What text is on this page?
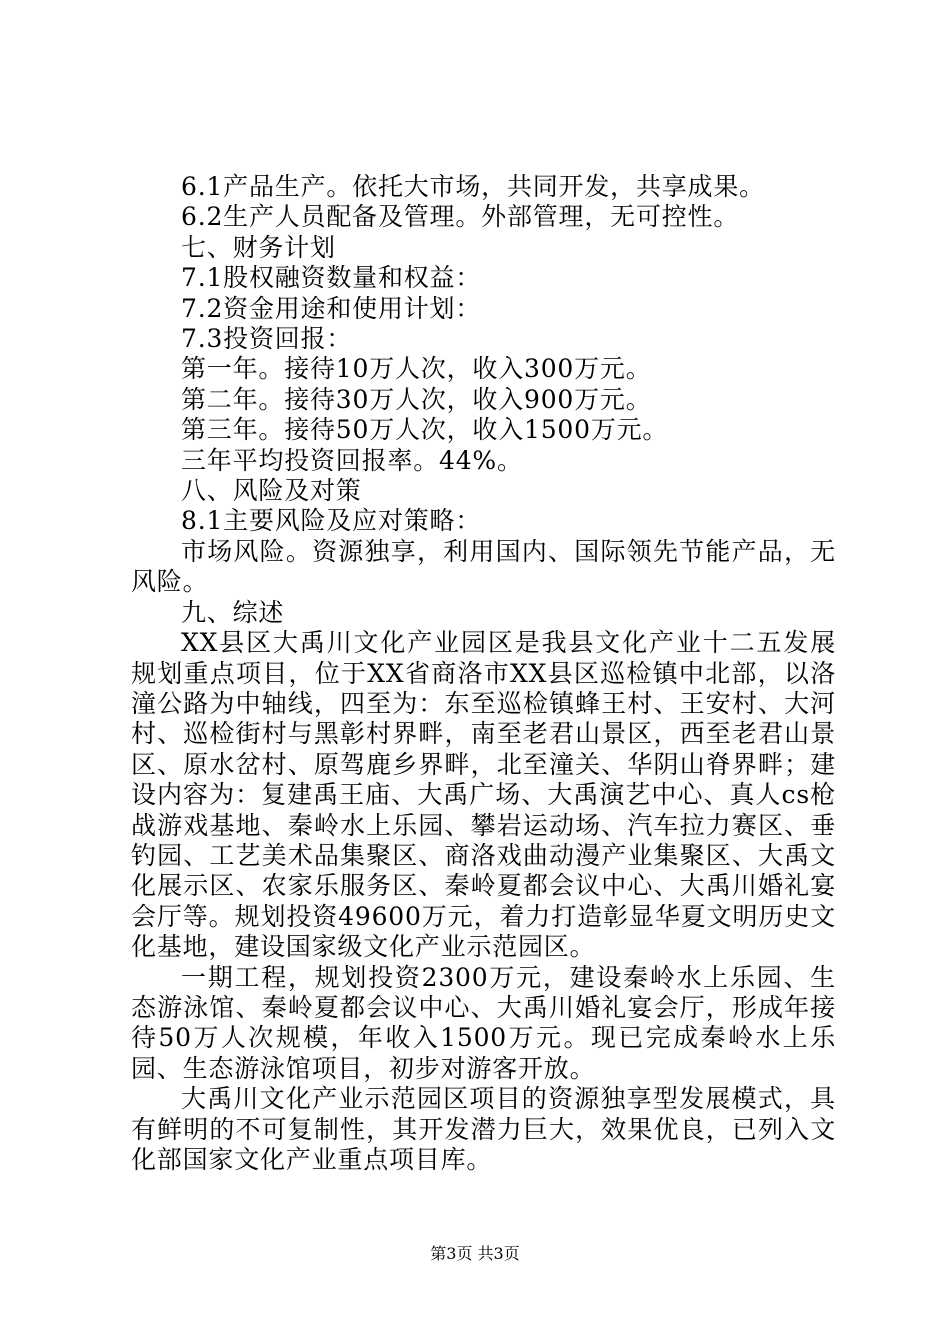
6.1产品生产。依托大市场，共同开发，共享成果。

6.2生产人员配备及管理。外部管理，无可控性。

七、财务计划

7.1股权融资数量和权益：

7.2资金用途和使用计划：

7.3投资回报：

第一年。接待10万人次，收入300万元。

第二年。接待30万人次，收入900万元。

第三年。接待50万人次，收入1500万元。

三年平均投资回报率。44%。

八、风险及对策

8.1主要风险及应对策略：

市场风险。资源独享，利用国内、国际领先节能产品，无风险。

九、综述

XX县区大禹川文化产业园区是我县文化产业十二五发展规划重点项目，位于XX省商洛市XX县区巡检镇中北部，以洛潼公路为中轴线，四至为：东至巡检镇蜂王村、王安村、大河村、巡检街村与黑彰村界畔，南至老君山景区，西至老君山景区、原水岔村、原驾鹿乡界畔，北至潼关、华阴山脊界畔；建设内容为：复建禹王庙、大禹广场、大禹演艺中心、真人cs枪战游戏基地、秦岭水上乐园、攀岩运动场、汽车拉力赛区、垂钓园、工艺美术品集聚区、商洛戏曲动漫产业集聚区、大禹文化展示区、农家乐服务区、秦岭夏都会议中心、大禹川婚礼宴会厅等。规划投资49600万元，着力打造彰显华夏文明历史文化基地，建设国家级文化产业示范园区。

一期工程，规划投资2300万元，建设秦岭水上乐园、生态游泳馆、秦岭夏都会议中心、大禹川婚礼宴会厅，形成年接待50万人次规模，年收入1500万元。现已完成秦岭水上乐园、生态游泳馆项目，初步对游客开放。

大禹川文化产业示范园区项目的资源独享型发展模式，具有鲜明的不可复制性，其开发潜力巨大，效果优良，已列入文化部国家文化产业重点项目库。

第3页 共3页
